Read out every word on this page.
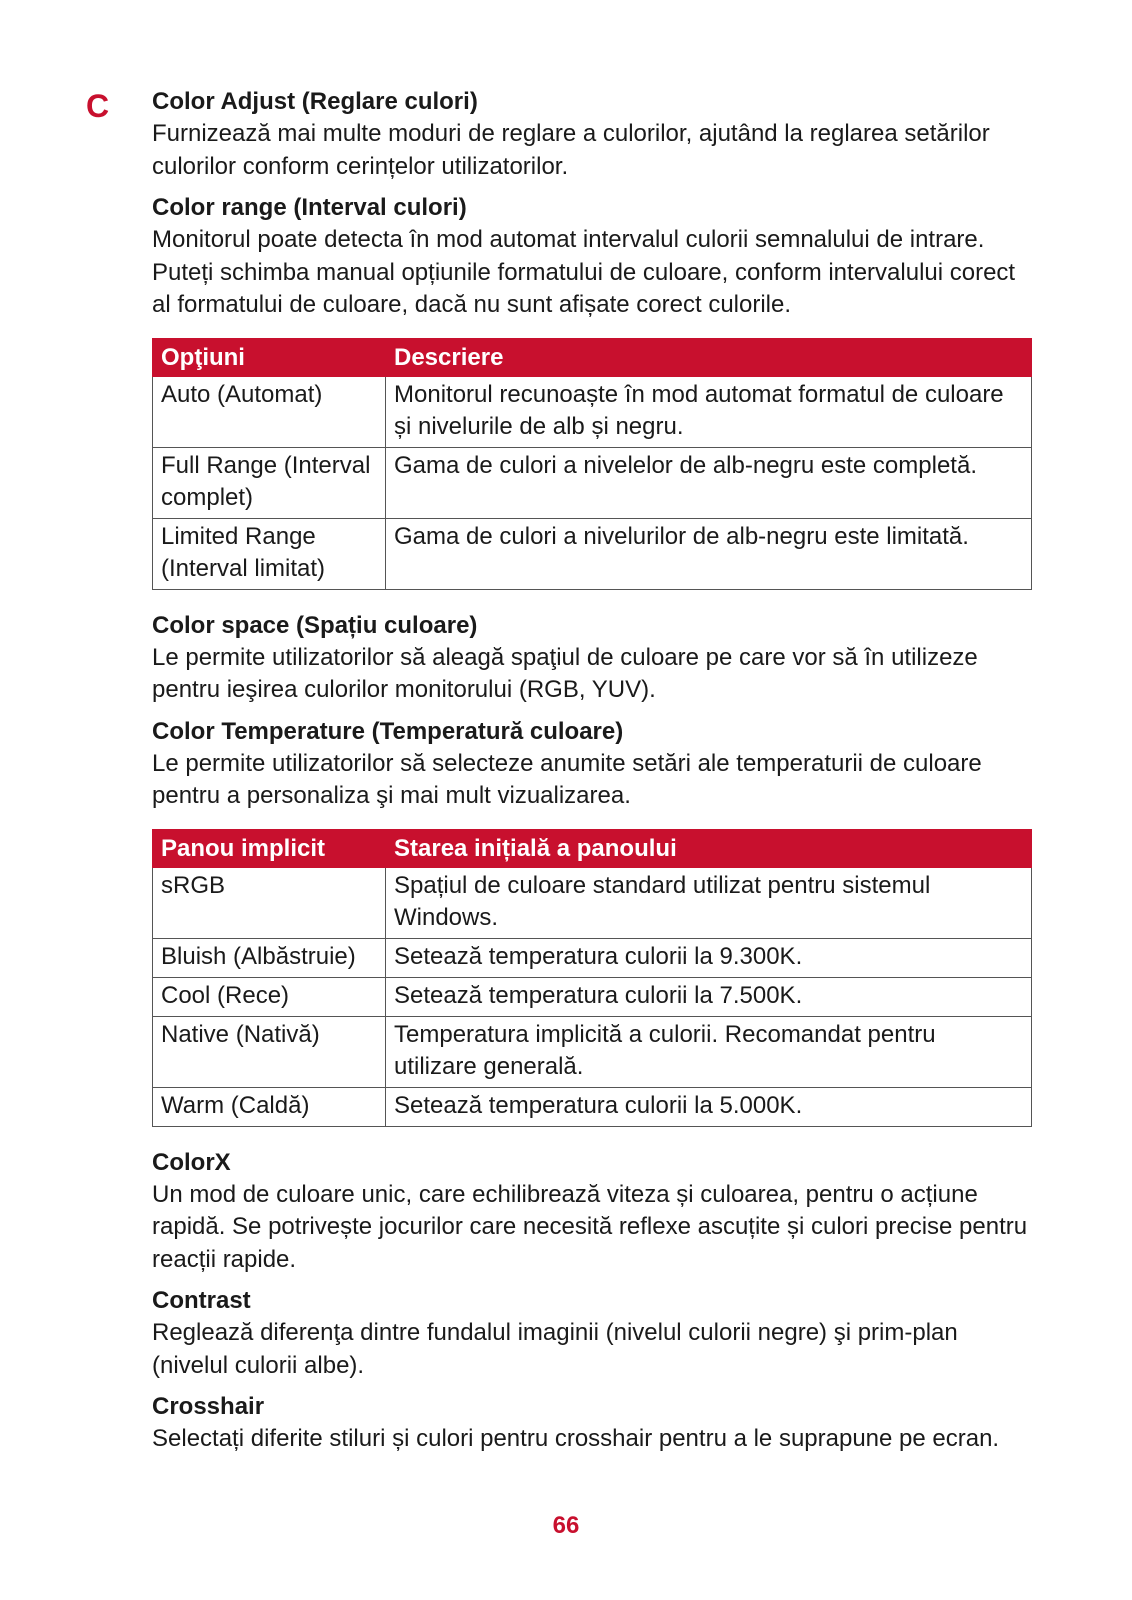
C Color Adjust (Reglare culori)

Furnizează mai multe moduri de reglare a culorilor, ajutând la reglarea setărilor culorilor conform cerințelor utilizatorilor.

Color range (Interval culori)

Monitorul poate detecta în mod automat intervalul culorii semnalului de intrare. Puteți schimba manual opțiunile formatului de culoare, conform intervalului corect al formatului de culoare, dacă nu sunt afișate corect culorile.

Opţiuni	Descriere
Auto (Automat)	Monitorul recunoaște în mod automat formatul de culoare și nivelurile de alb și negru.
Full Range (Interval complet)	Gama de culori a nivelelor de alb-negru este completă.
Limited Range (Interval limitat)	Gama de culori a nivelurilor de alb-negru este limitată.

Color space (Spațiu culoare)

Le permite utilizatorilor să aleagă spaţiul de culoare pe care vor să în utilizeze pentru ieşirea culorilor monitorului (RGB, YUV).

Color Temperature (Temperatură culoare)

Le permite utilizatorilor să selecteze anumite setări ale temperaturii de culoare pentru a personaliza şi mai mult vizualizarea.

Panou implicit	Starea inițială a panoului
sRGB	Spațiul de culoare standard utilizat pentru sistemul Windows.
Bluish (Albăstruie)	Setează temperatura culorii la 9.300K.
Cool (Rece)	Setează temperatura culorii la 7.500K.
Native (Nativă)	Temperatura implicită a culorii. Recomandat pentru utilizare generală.
Warm (Caldă)	Setează temperatura culorii la 5.000K.

ColorX

Un mod de culoare unic, care echilibrează viteza și culoarea, pentru o acțiune rapidă. Se potrivește jocurilor care necesită reflexe ascuțite și culori precise pentru reacții rapide.

Contrast

Reglează diferenţa dintre fundalul imaginii (nivelul culorii negre) şi prim-plan (nivelul culorii albe).

Crosshair

Selectați diferite stiluri și culori pentru crosshair pentru a le suprapune pe ecran.

66
